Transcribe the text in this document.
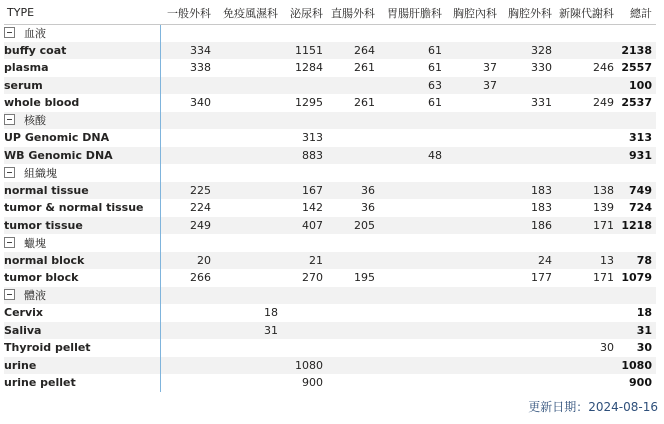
TYPE	一般外科	免疫風濕科	泌尿科	直腸外科	胃腸肝膽科	胸腔內科	胸腔外科	新陳代謝科	總計
血液									
buffy coat	334		1151	264	61		328		2138
plasma	338		1284	261	61	37	330	246	2557
serum					63	37			100
whole blood	340		1295	261	61		331	249	2537
核酸									
UP Genomic DNA			313						313
WB Genomic DNA			883		48				931
組織塊									
normal tissue	225		167	36			183	138	749
tumor & normal tissue	224		142	36			183	139	724
tumor tissue	249		407	205			186	171	1218
蠟塊									
normal block	20		21				24	13	78
tumor block	266		270	195			177	171	1079
體液									
Cervix		18							18
Saliva		31							31
Thyroid pellet								30	30
urine			1080						1080
urine pellet			900						900
更新日期：2024-08-16
